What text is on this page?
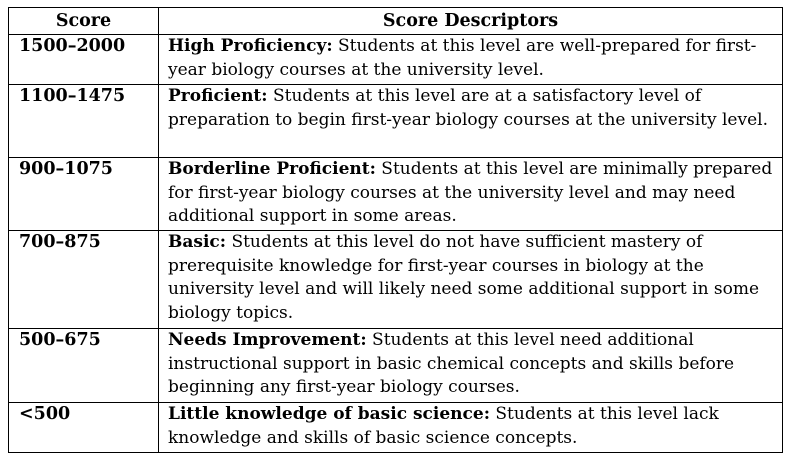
Score	Score Descriptors
1500–2000	High Proficiency: Students at this level are well-prepared for first-year biology courses at the university level.
1100–1475	Proficient: Students at this level are at a satisfactory level of preparation to begin first-year biology courses at the university level.
900–1075	Borderline Proficient: Students at this level are minimally prepared for first-year biology courses at the university level and may need additional support in some areas.
700–875	Basic: Students at this level do not have sufficient mastery of prerequisite knowledge for first-year courses in biology at the university level and will likely need some additional support in some biology topics.
500–675	Needs Improvement: Students at this level need additional instructional support in basic chemical concepts and skills before beginning any first-year biology courses.
<500	Little knowledge of basic science: Students at this level lack knowledge and skills of basic science concepts.
